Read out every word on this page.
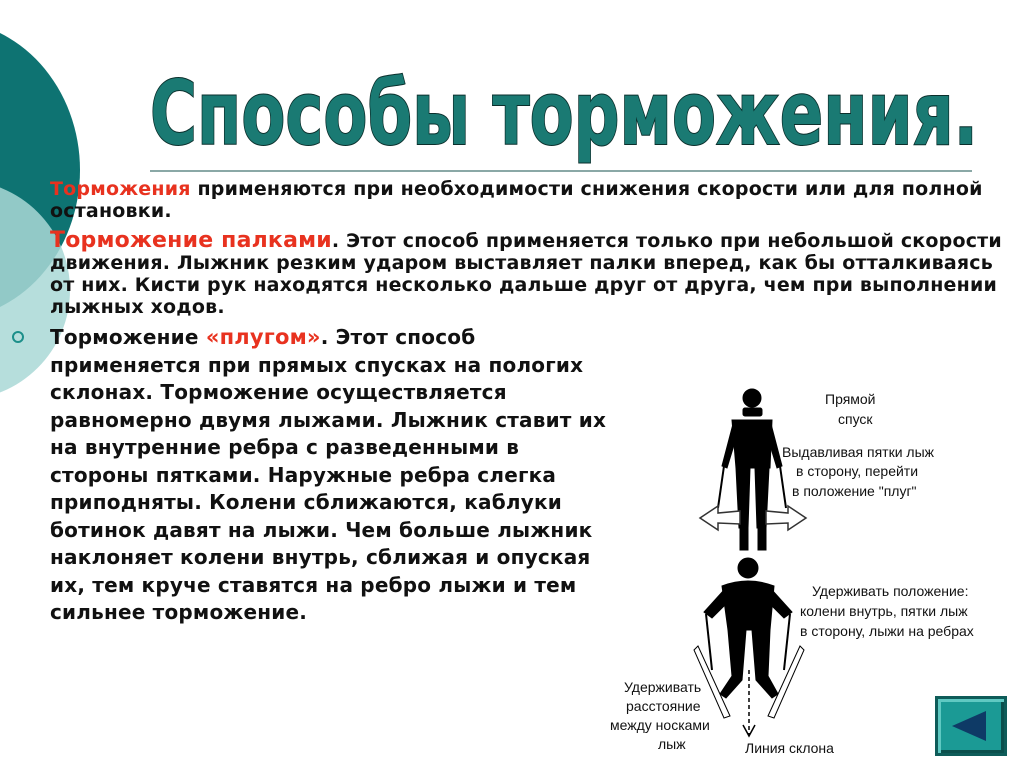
Способы торможения.

Торможения применяются при необходимости снижения скорости или для полной остановки.

Торможение палками. Этот способ применяется только при небольшой скорости движения. Лыжник резким ударом выставляет палки вперед, как бы отталкиваясь от них. Кисти рук находятся несколько дальше друг от друга, чем при выполнении лыжных ходов.

Торможение «плугом». Этот способ применяется при прямых спусках на пологих склонах. Торможение осуществляется равномерно двумя лыжами. Лыжник ставит их на внутренние ребра с разведенными в стороны пятками. Наружные ребра слегка приподняты. Колени сближаются, каблуки ботинок давят на лыжи. Чем больше лыжник наклоняет колени внутрь, сближая и опуская их, тем круче ставятся на ребро лыжи и тем сильнее торможение.

Прямой
спуск
Выдавливая пятки лыж
в сторону, перейти
в положение "плуг"
Удерживать положение:
колени внутрь, пятки лыж
в сторону, лыжи на ребрах
Удерживать
расстояние
между носками
лыж	Линия склона
